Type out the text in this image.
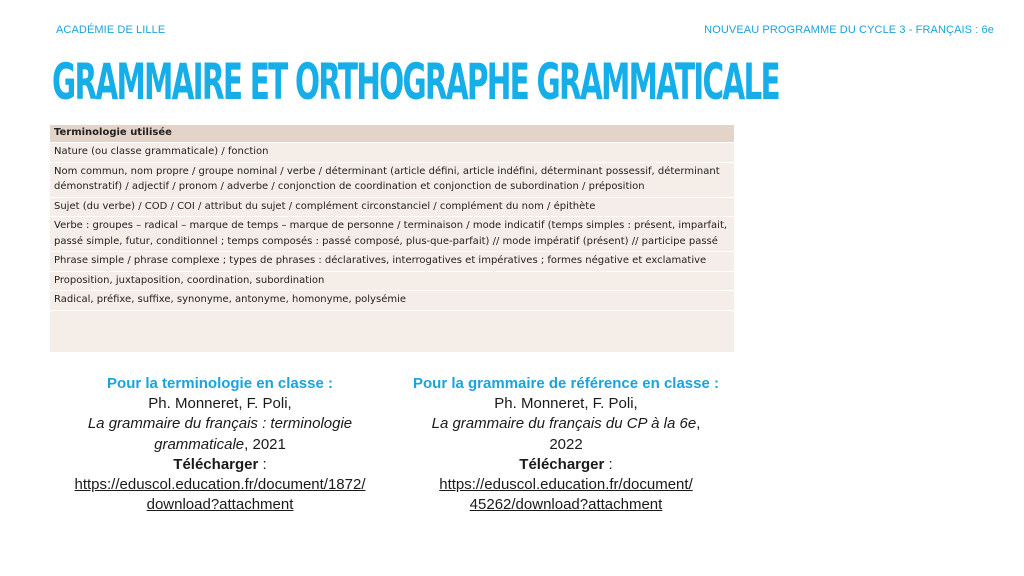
ACADÉMIE DE LILLE	NOUVEAU PROGRAMME DU CYCLE 3 - FRANÇAIS : 6e
GRAMMAIRE ET ORTHOGRAPHE GRAMMATICALE
Terminologie utilisée
Nature (ou classe grammaticale) / fonction
Nom commun, nom propre / groupe nominal / verbe / déterminant (article défini, article indéfini, déterminant possessif, déterminant démonstratif) / adjectif / pronom / adverbe / conjonction de coordination et conjonction de subordination / préposition
Sujet (du verbe) / COD / COI / attribut du sujet / complément circonstanciel / complément du nom / épithète
Verbe : groupes – radical – marque de temps – marque de personne / terminaison / mode indicatif (temps simples : présent, imparfait, passé simple, futur, conditionnel ; temps composés : passé composé, plus-que-parfait) // mode impératif (présent) // participe passé
Phrase simple / phrase complexe ; types de phrases : déclaratives, interrogatives et impératives ; formes négative et exclamative
Proposition, juxtaposition, coordination, subordination
Radical, préfixe, suffixe, synonyme, antonyme, homonyme, polysémie
Pour la terminologie en classe :
Ph. Monneret, F. Poli,
La grammaire du français : terminologie grammaticale, 2021
Télécharger :
https://eduscol.education.fr/document/1872/
download?attachment
Pour la grammaire de référence en classe :
Ph. Monneret, F. Poli,
La grammaire du français du CP à la 6e,
2022
Télécharger :
https://eduscol.education.fr/document/
45262/download?attachment
